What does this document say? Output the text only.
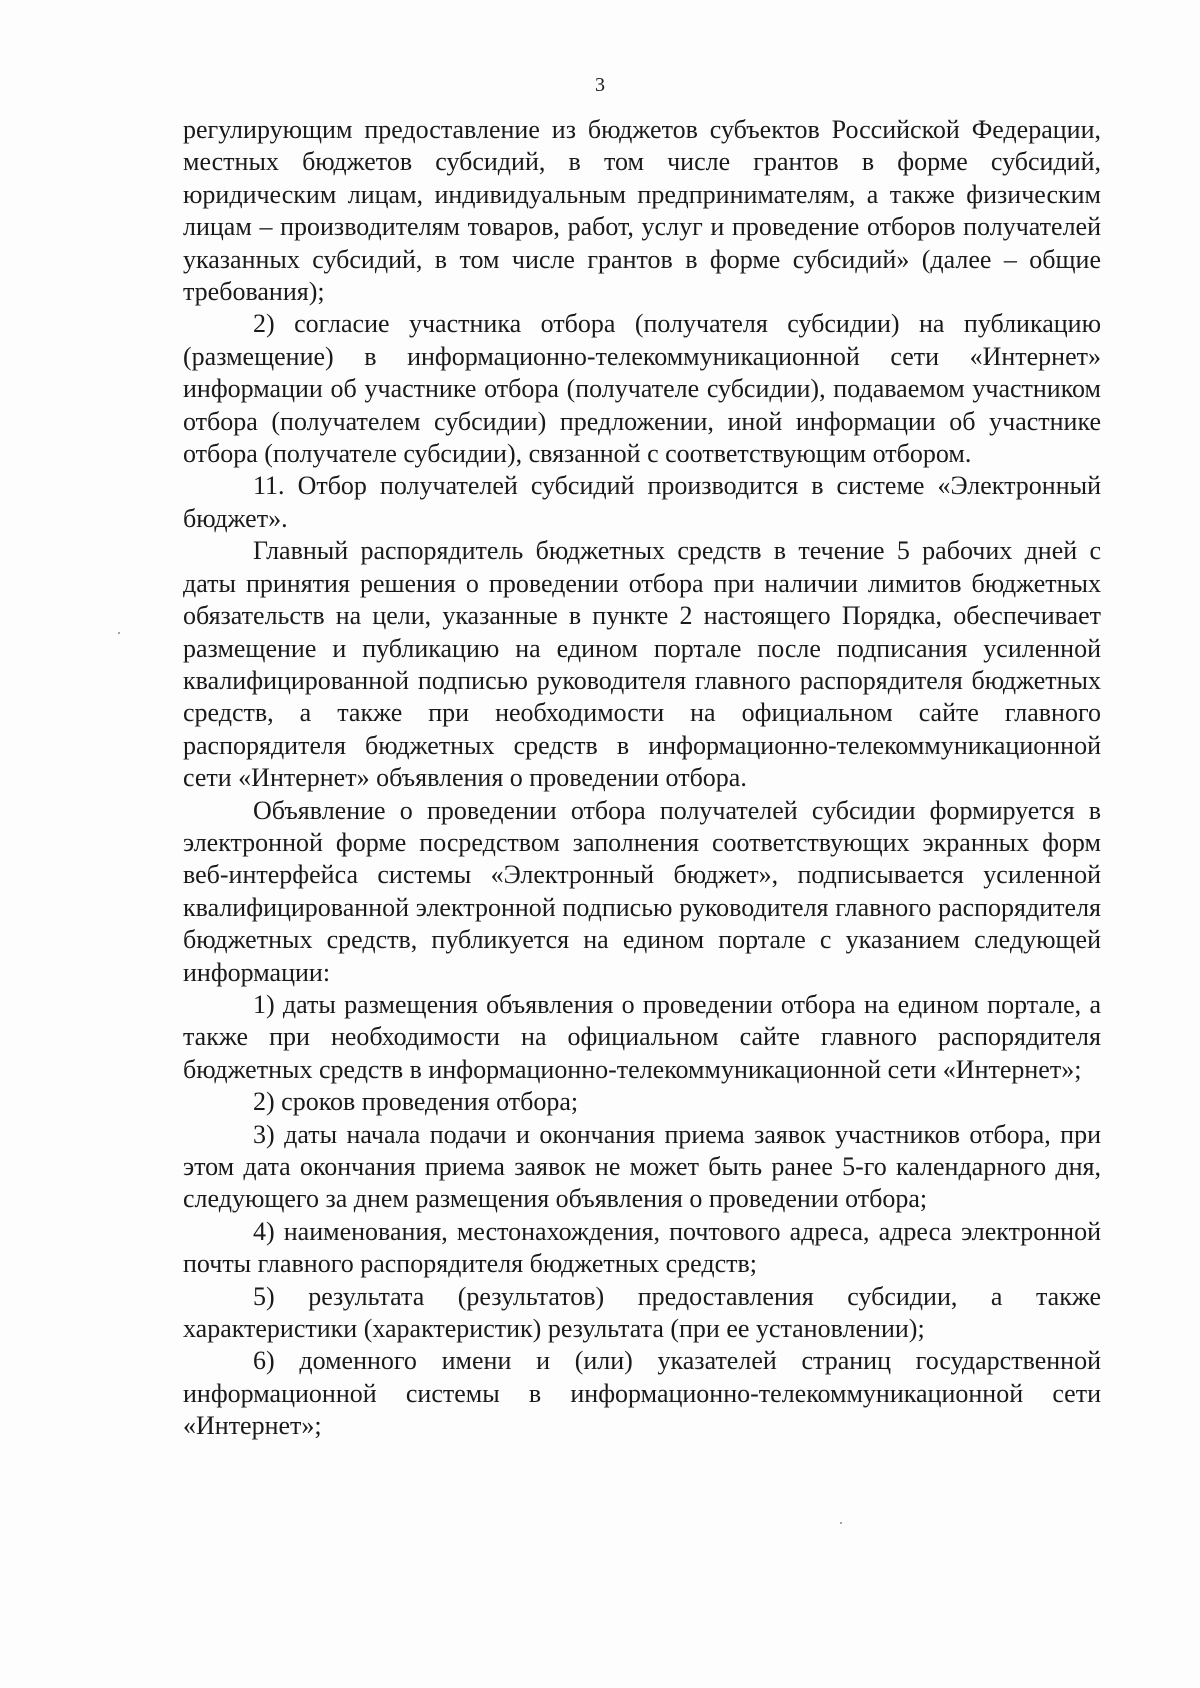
3

регулирующим предоставление из бюджетов субъектов Российской Федерации, местных бюджетов субсидий, в том числе грантов в форме субсидий, юридическим лицам, индивидуальным предпринимателям, а также физическим лицам – производителям товаров, работ, услуг и проведение отборов получателей указанных субсидий, в том числе грантов в форме субсидий» (далее – общие требования);

2) согласие участника отбора (получателя субсидии) на публикацию (размещение) в информационно-телекоммуникационной сети «Интернет» информации об участнике отбора (получателе субсидии), подаваемом участником отбора (получателем субсидии) предложении, иной информации об участнике отбора (получателе субсидии), связанной с соответствующим отбором.

11. Отбор получателей субсидий производится в системе «Электронный бюджет».

Главный распорядитель бюджетных средств в течение 5 рабочих дней с даты принятия решения о проведении отбора при наличии лимитов бюджетных обязательств на цели, указанные в пункте 2 настоящего Порядка, обеспечивает размещение и публикацию на едином портале после подписания усиленной квалифицированной подписью руководителя главного распорядителя бюджетных средств, а также при необходимости на официальном сайте главного распорядителя бюджетных средств в информационно-телекоммуникационной сети «Интернет» объявления о проведении отбора.

Объявление о проведении отбора получателей субсидии формируется в электронной форме посредством заполнения соответствующих экранных форм веб-интерфейса системы «Электронный бюджет», подписывается усиленной квалифицированной электронной подписью руководителя главного распорядителя бюджетных средств, публикуется на едином портале с указанием следующей информации:

1) даты размещения объявления о проведении отбора на едином портале, а также при необходимости на официальном сайте главного распорядителя бюджетных средств в информационно-телекоммуникационной сети «Интернет»;

2) сроков проведения отбора;

3) даты начала подачи и окончания приема заявок участников отбора, при этом дата окончания приема заявок не может быть ранее 5-го календарного дня, следующего за днем размещения объявления о проведении отбора;

4) наименования, местонахождения, почтового адреса, адреса электронной почты главного распорядителя бюджетных средств;

5) результата (результатов) предоставления субсидии, а также характеристики (характеристик) результата (при ее установлении);

6) доменного имени и (или) указателей страниц государственной информационной системы в информационно-телекоммуникационной сети «Интернет»;
